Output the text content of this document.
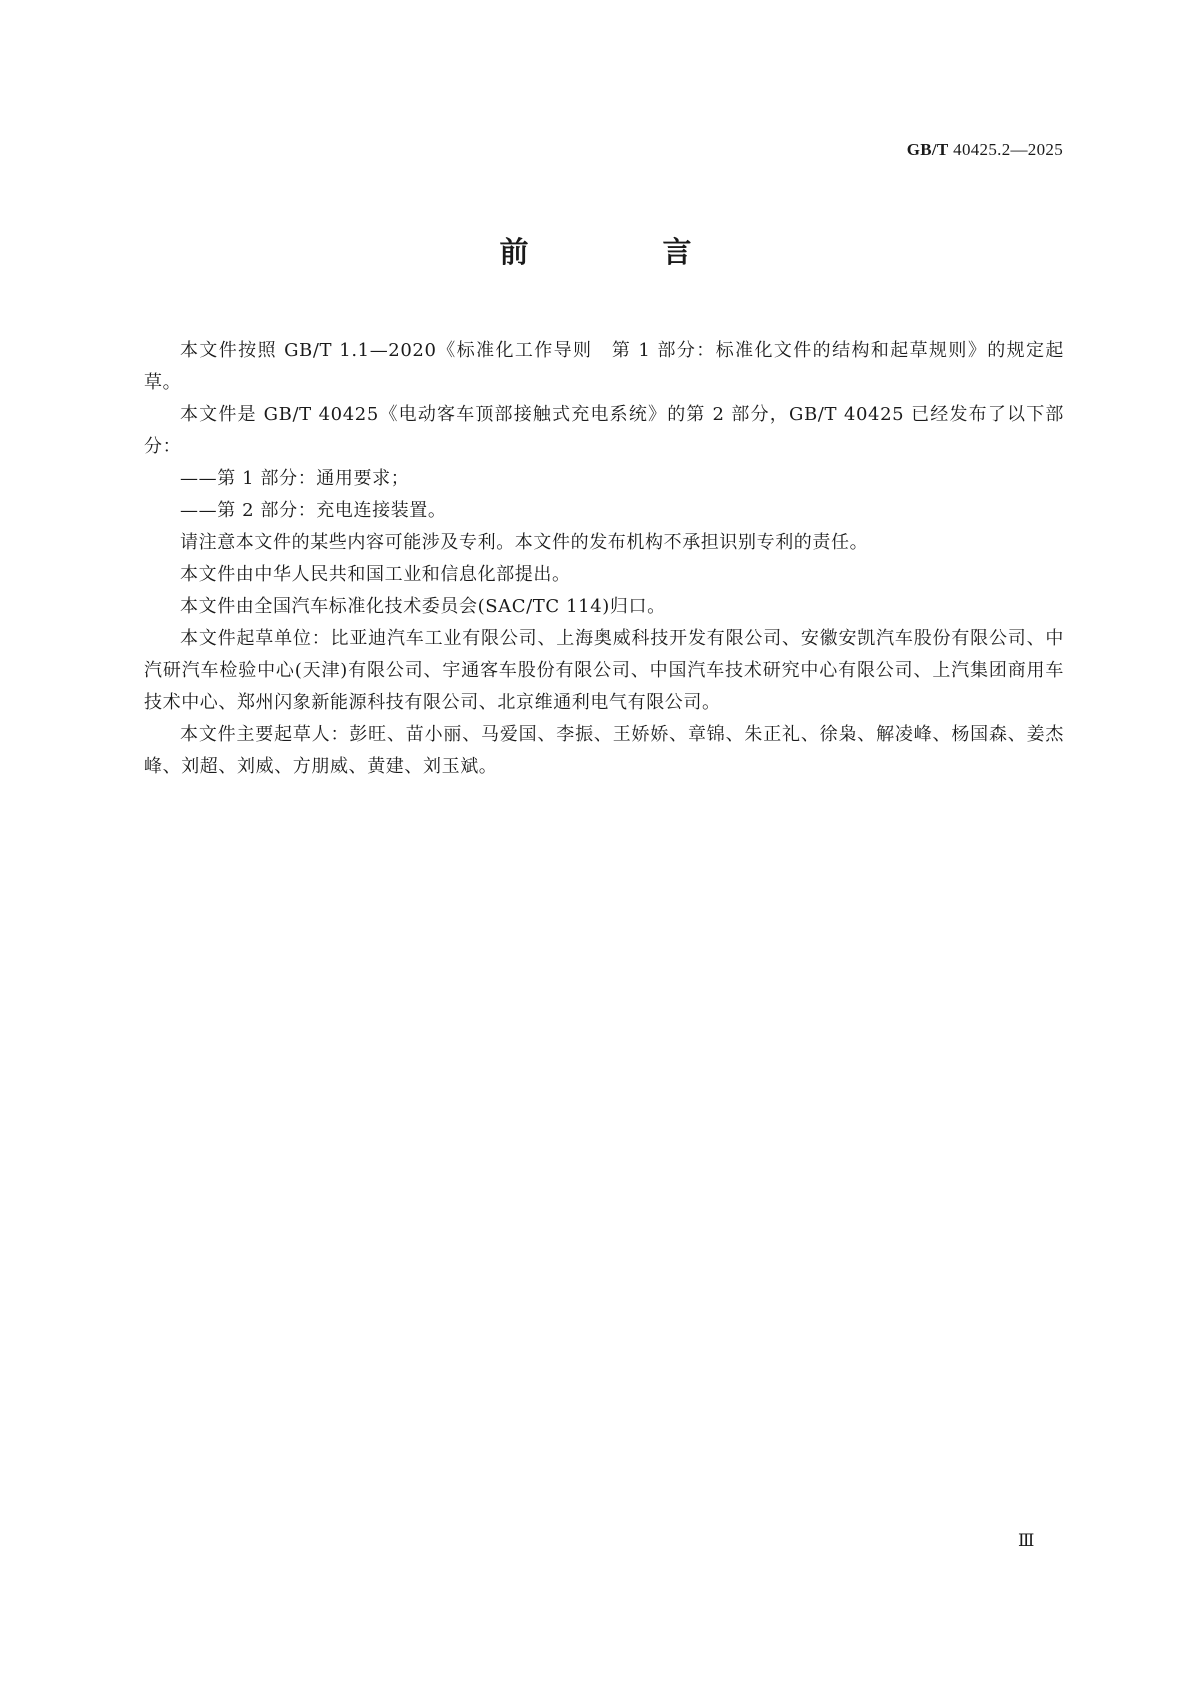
GB/T 40425.2—2025
前 言

本文件按照 GB/T 1.1—2020《标准化工作导则　第 1 部分：标准化文件的结构和起草规则》的规定起草。

本文件是 GB/T 40425《电动客车顶部接触式充电系统》的第 2 部分，GB/T 40425 已经发布了以下部分：

——第 1 部分：通用要求；

——第 2 部分：充电连接装置。

请注意本文件的某些内容可能涉及专利。本文件的发布机构不承担识别专利的责任。

本文件由中华人民共和国工业和信息化部提出。

本文件由全国汽车标准化技术委员会(SAC/TC 114)归口。

本文件起草单位：比亚迪汽车工业有限公司、上海奥威科技开发有限公司、安徽安凯汽车股份有限公司、中汽研汽车检验中心(天津)有限公司、宇通客车股份有限公司、中国汽车技术研究中心有限公司、上汽集团商用车技术中心、郑州闪象新能源科技有限公司、北京维通利电气有限公司。

本文件主要起草人：彭旺、苗小丽、马爱国、李振、王娇娇、章锦、朱正礼、徐枭、解凌峰、杨国森、姜杰峰、刘超、刘威、方朋威、黄建、刘玉斌。

Ⅲ
